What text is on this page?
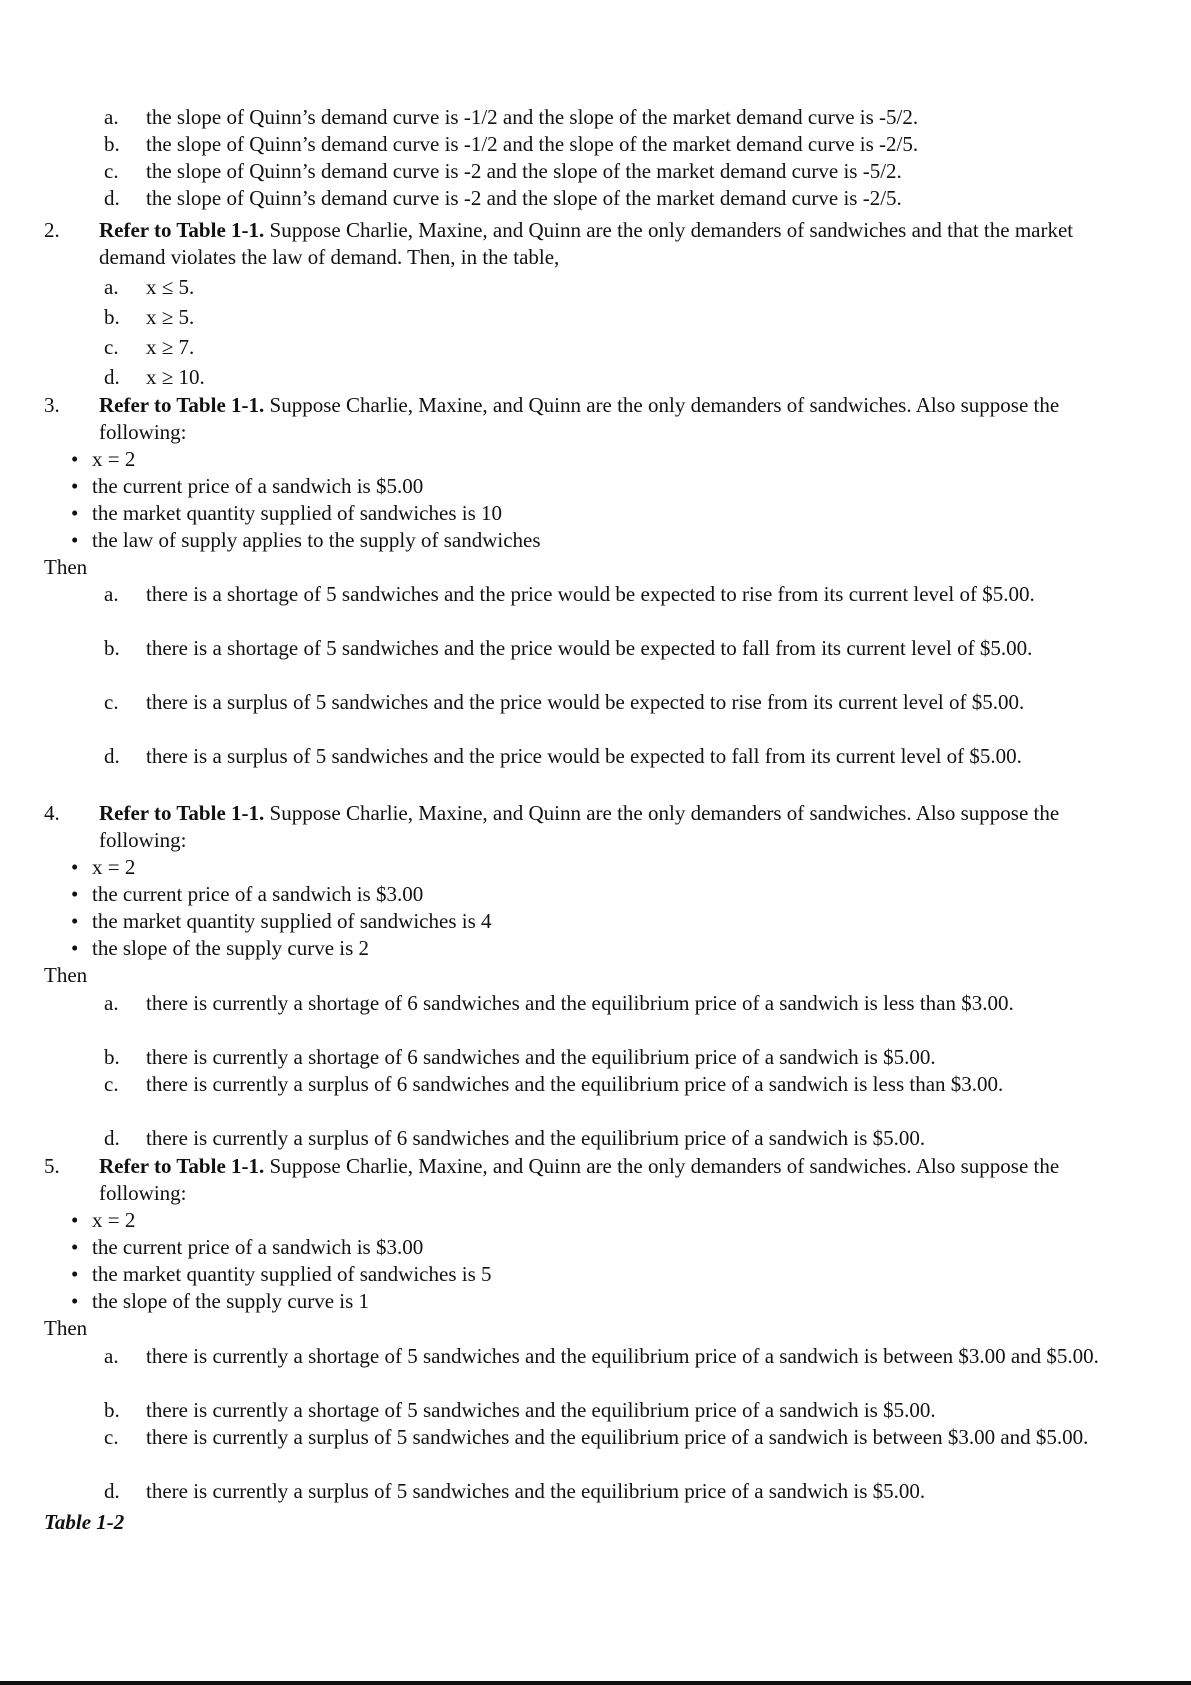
a. the slope of Quinn’s demand curve is -1/2 and the slope of the market demand curve is -5/2.
b. the slope of Quinn’s demand curve is -1/2 and the slope of the market demand curve is -2/5.
c. the slope of Quinn’s demand curve is -2 and the slope of the market demand curve is -5/2.
d. the slope of Quinn’s demand curve is -2 and the slope of the market demand curve is -2/5.
2. Refer to Table 1-1. Suppose Charlie, Maxine, and Quinn are the only demanders of sandwiches and that the market demand violates the law of demand. Then, in the table,
a. x ≤ 5.
b. x ≥ 5.
c. x ≥ 7.
d. x ≥ 10.
3. Refer to Table 1-1. Suppose Charlie, Maxine, and Quinn are the only demanders of sandwiches. Also suppose the following:
• x = 2
• the current price of a sandwich is $5.00
• the market quantity supplied of sandwiches is 10
• the law of supply applies to the supply of sandwiches
Then
a. there is a shortage of 5 sandwiches and the price would be expected to rise from its current level of $5.00.
b. there is a shortage of 5 sandwiches and the price would be expected to fall from its current level of $5.00.
c. there is a surplus of 5 sandwiches and the price would be expected to rise from its current level of $5.00.
d. there is a surplus of 5 sandwiches and the price would be expected to fall from its current level of $5.00.
4. Refer to Table 1-1. Suppose Charlie, Maxine, and Quinn are the only demanders of sandwiches. Also suppose the following:
• x = 2
• the current price of a sandwich is $3.00
• the market quantity supplied of sandwiches is 4
• the slope of the supply curve is 2
Then
a. there is currently a shortage of 6 sandwiches and the equilibrium price of a sandwich is less than $3.00.
b. there is currently a shortage of 6 sandwiches and the equilibrium price of a sandwich is $5.00.
c. there is currently a surplus of 6 sandwiches and the equilibrium price of a sandwich is less than $3.00.
d. there is currently a surplus of 6 sandwiches and the equilibrium price of a sandwich is $5.00.
5. Refer to Table 1-1. Suppose Charlie, Maxine, and Quinn are the only demanders of sandwiches. Also suppose the following:
• x = 2
• the current price of a sandwich is $3.00
• the market quantity supplied of sandwiches is 5
• the slope of the supply curve is 1
Then
a. there is currently a shortage of 5 sandwiches and the equilibrium price of a sandwich is between $3.00 and $5.00.
b. there is currently a shortage of 5 sandwiches and the equilibrium price of a sandwich is $5.00.
c. there is currently a surplus of 5 sandwiches and the equilibrium price of a sandwich is between $3.00 and $5.00.
d. there is currently a surplus of 5 sandwiches and the equilibrium price of a sandwich is $5.00.
Table 1-2
